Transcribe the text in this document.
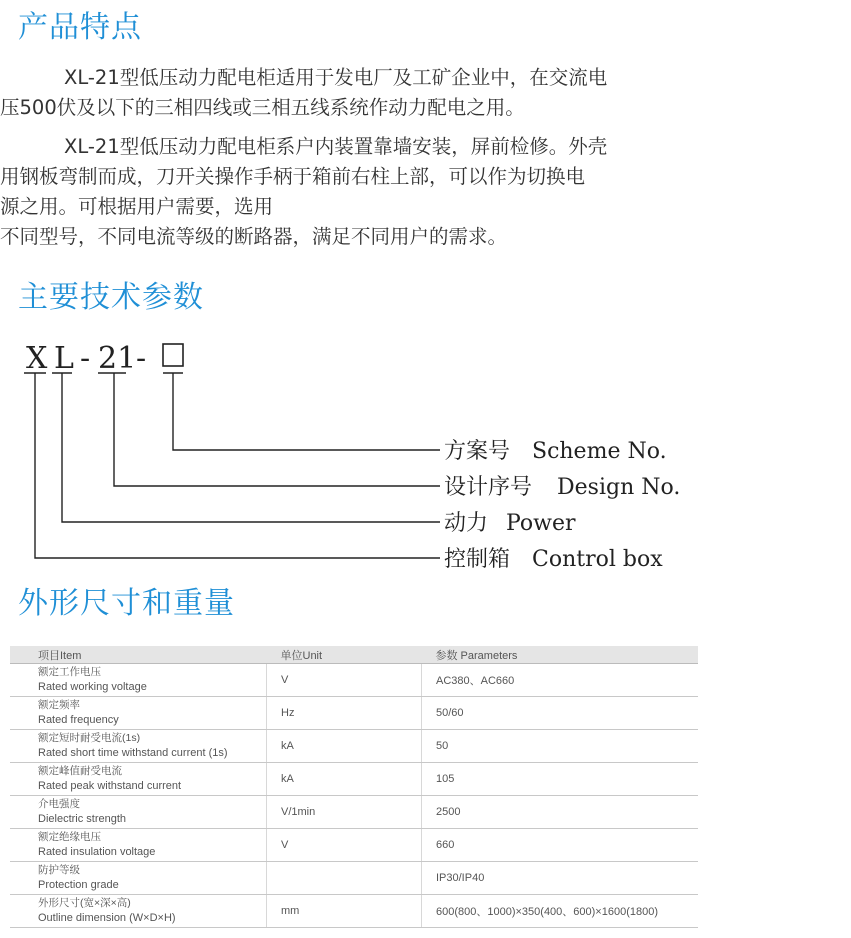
产品特点

XL-21型低压动力配电柜适用于发电厂及工矿企业中，在交流电
压500伏及以下的三相四线或三相五线系统作动力配电之用。

XL-21型低压动力配电柜系户内装置靠墙安装，屏前检修。外壳
用钢板弯制而成，刀开关操作手柄于箱前右柱上部，可以作为切换电
源之用。可根据用户需要，选用
不同型号，不同电流等级的断路器，满足不同用户的需求。

主要技术参数
X L - 21 -
方案号 Scheme No.
设计序号 Design No.
动力 Power
控制箱 Control box
外形尺寸和重量
项目Item	单位Unit	参数 Parameters

额定工作电压
Rated working voltage	V	AC380、AC660

额定频率
Rated frequency	Hz	50/60

额定短时耐受电流(1s)
Rated short time withstand current (1s)	kA	50

额定峰值耐受电流
Rated peak withstand current	kA	105

介电强度
Dielectric strength	V/1min	2500

额定绝缘电压
Rated insulation voltage	V	660

防护等级
Protection grade		IP30/IP40

外形尺寸(宽×深×高)
Outline dimension (W×D×H)	mm	600(800、1000)×350(400、600)×1600(1800)
